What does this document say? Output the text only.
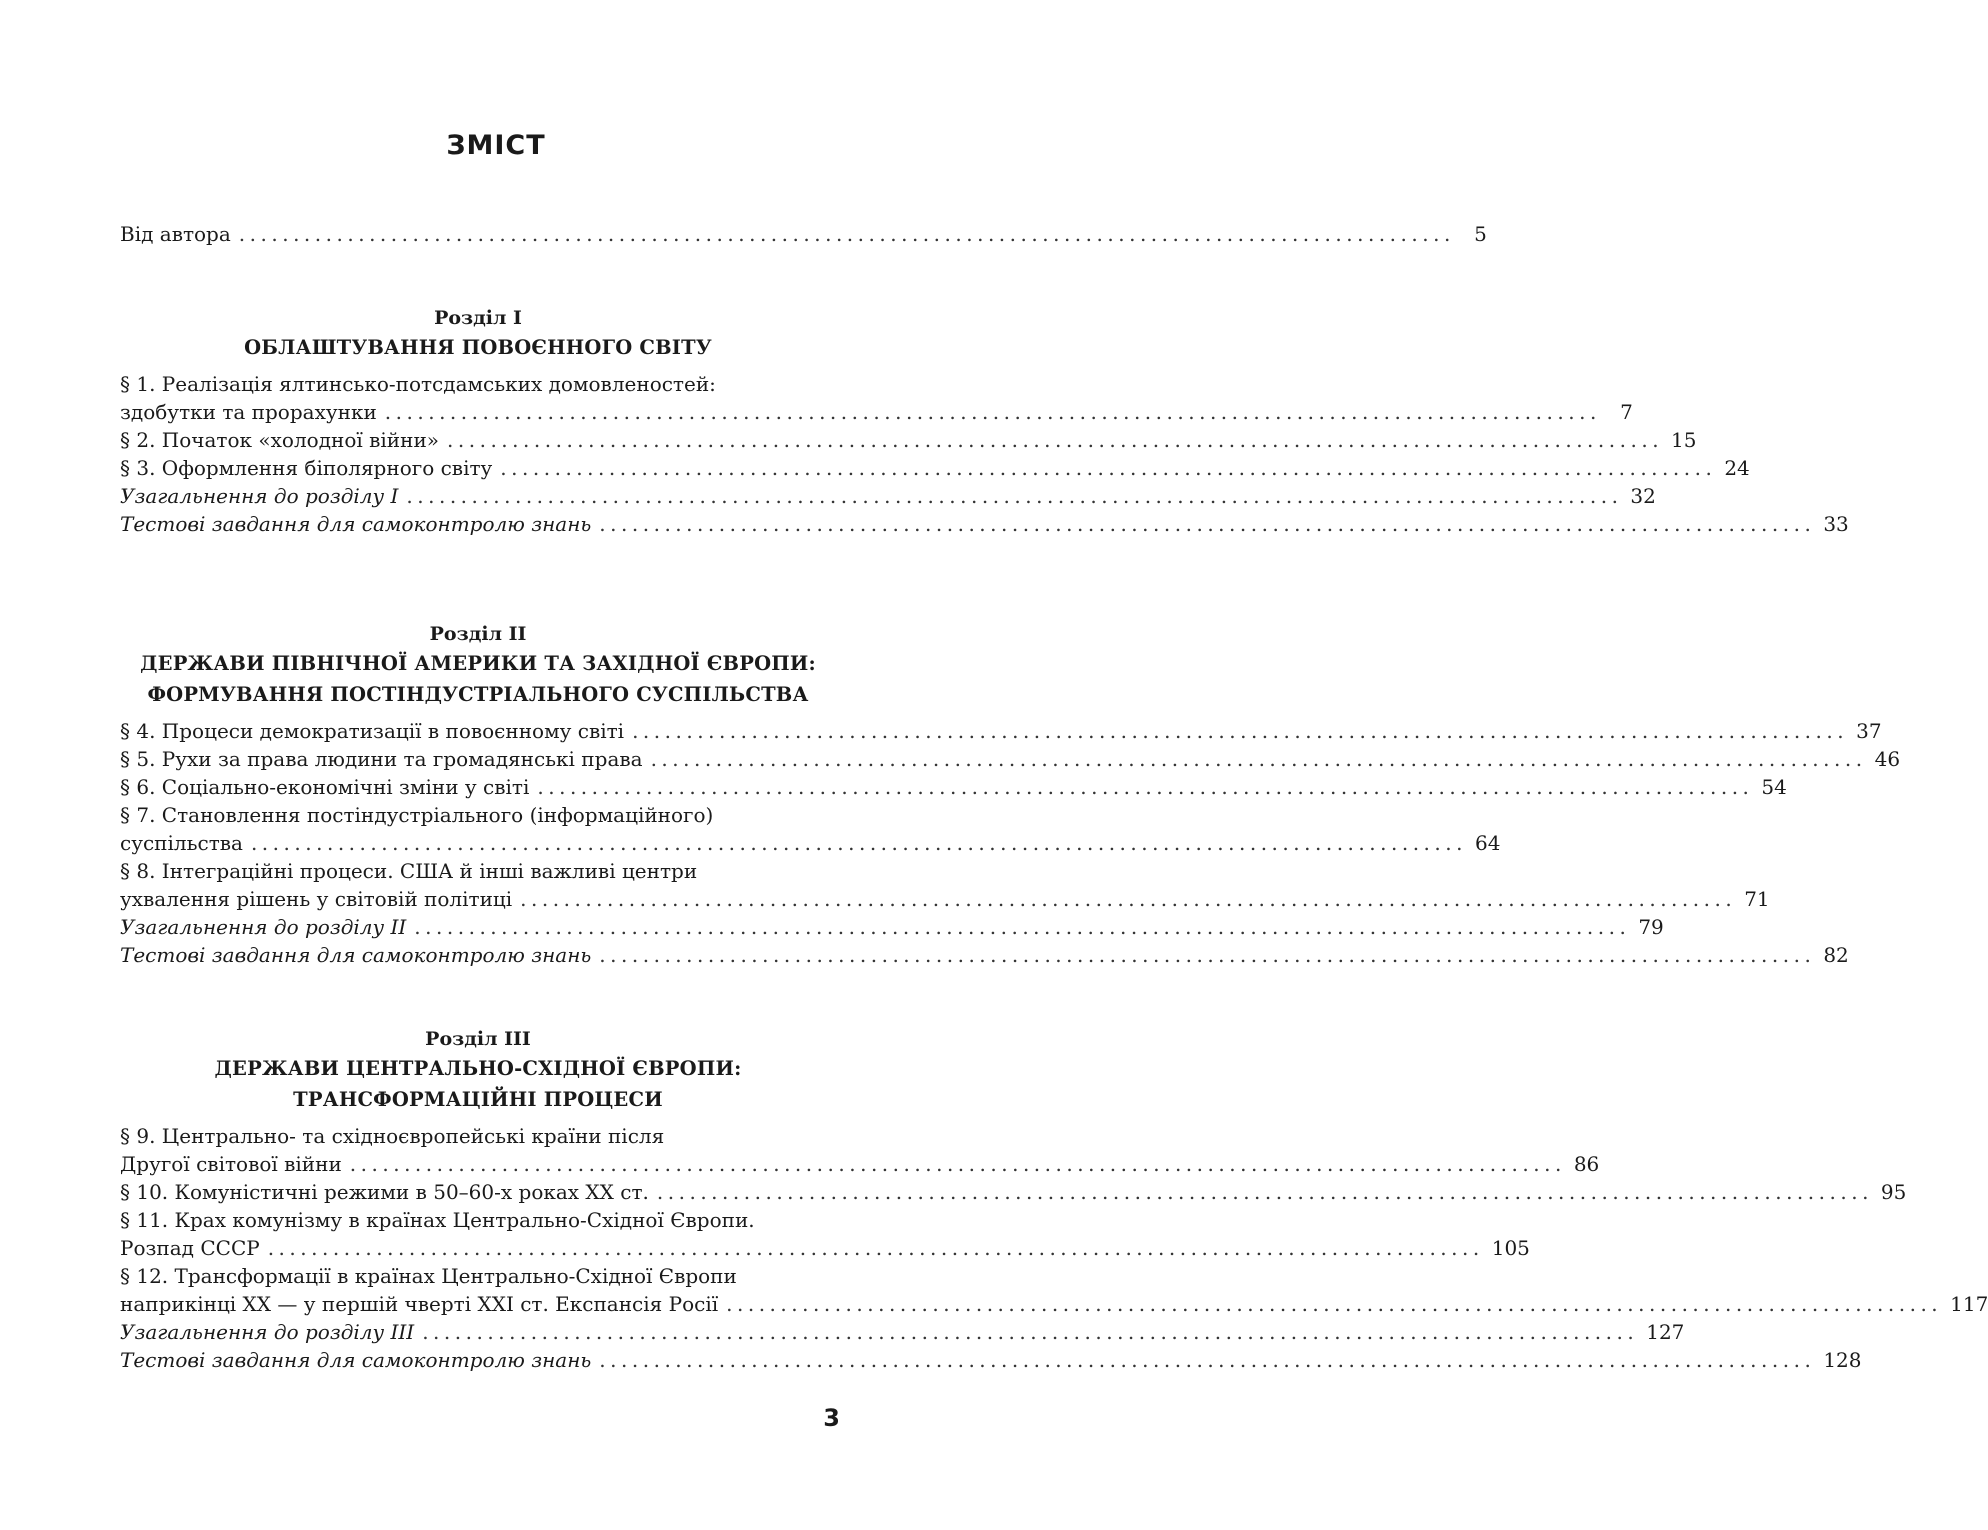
ЗМІСТ
Від автора ................................................................................................................ 5
Розділ I
ОБЛАШТУВАННЯ ПОВОЄННОГО СВІТУ
§ 1. Реалізація ялтинсько-потсдамських домовленостей:
здобутки та прорахунки ................................................................................................................ 7
§ 2. Початок «холодної війни» ................................................................................................................ 15
§ 3. Оформлення біполярного світу ................................................................................................................ 24
Узагальнення до розділу I ................................................................................................................ 32
Тестові завдання для самоконтролю знань ................................................................................................................ 33
Розділ II
ДЕРЖАВИ ПІВНІЧНОЇ АМЕРИКИ ТА ЗАХІДНОЇ ЄВРОПИ:
ФОРМУВАННЯ ПОСТІНДУСТРІАЛЬНОГО СУСПІЛЬСТВА
§ 4. Процеси демократизації в повоєнному світі ................................................................................................................ 37
§ 5. Рухи за права людини та громадянські права ................................................................................................................ 46
§ 6. Соціально-економічні зміни у світі ................................................................................................................ 54
§ 7. Становлення постіндустріального (інформаційного)
суспільства ................................................................................................................ 64
§ 8. Інтеграційні процеси. США й інші важливі центри
ухвалення рішень у світовій політиці ................................................................................................................ 71
Узагальнення до розділу II ................................................................................................................ 79
Тестові завдання для самоконтролю знань ................................................................................................................ 82
Розділ III
ДЕРЖАВИ ЦЕНТРАЛЬНО-СХІДНОЇ ЄВРОПИ:
ТРАНСФОРМАЦІЙНІ ПРОЦЕСИ
§ 9. Центрально- та східноєвропейські країни після
Другої світової війни ................................................................................................................ 86
§ 10. Комуністичні режими в 50–60-х роках XX ст. ................................................................................................................ 95
§ 11. Крах комунізму в країнах Центрально-Східної Європи.
Розпад СССР ................................................................................................................ 105
§ 12. Трансформації в країнах Центрально-Східної Європи
наприкінці XX — у першій чверті XXI ст. Експансія Росії ................................................................................................................ 117
Узагальнення до розділу III ................................................................................................................ 127
Тестові завдання для самоконтролю знань ................................................................................................................ 128
3
